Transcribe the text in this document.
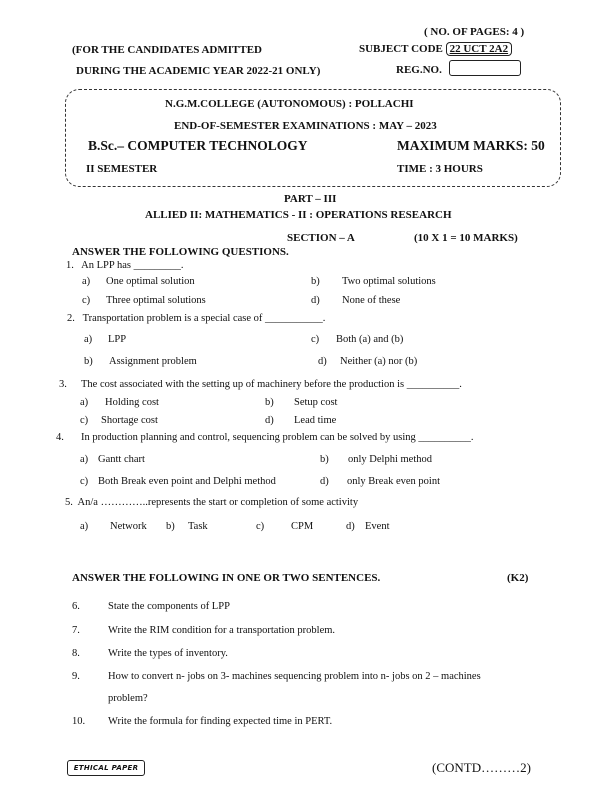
( NO. OF PAGES: 4 )
(FOR THE CANDIDATES ADMITTED	SUBJECT CODE 22 UCT 2A2
DURING THE ACADEMIC YEAR 2022-21 ONLY)	REG.NO.
N.G.M.COLLEGE (AUTONOMOUS) : POLLACHI
END-OF-SEMESTER EXAMINATIONS : MAY – 2023
B.Sc.– COMPUTER TECHNOLOGY	MAXIMUM MARKS: 50
II SEMESTER	TIME : 3 HOURS
PART – III
ALLIED II: MATHEMATICS - II : OPERATIONS RESEARCH
SECTION – A	(10 X 1 = 10 MARKS)
ANSWER THE FOLLOWING QUESTIONS.
1. An LPP has _________.
a) One optimal solution	b) Two optimal solutions
c) Three optimal solutions	d) None of these
2. Transportation problem is a special case of ___________.
a) LPP	c) Both (a) and (b)
b) Assignment problem	d) Neither (a) nor (b)
3. The cost associated with the setting up of machinery before the production is __________.
a) Holding cost	b) Setup cost
c) Shortage cost	d) Lead time
4. In production planning and control, sequencing problem can be solved by using __________.
a) Gantt chart	b) only Delphi method
c) Both Break even point and Delphi method	d) only Break even point
5. An/a …………..represents the start or completion of some activity
a) Network b) Task	c)	CPM	d) Event
ANSWER THE FOLLOWING IN ONE OR TWO SENTENCES.	(K2)
6.	State the components of LPP
7.	Write the RIM condition for a transportation problem.
8.	Write the types of inventory.
9.	How to convert n- jobs on 3- machines sequencing problem into n- jobs on 2 – machines
problem?
10. Write the formula for finding expected time in PERT.
ETHICAL PAPER	(CONTD………2)
